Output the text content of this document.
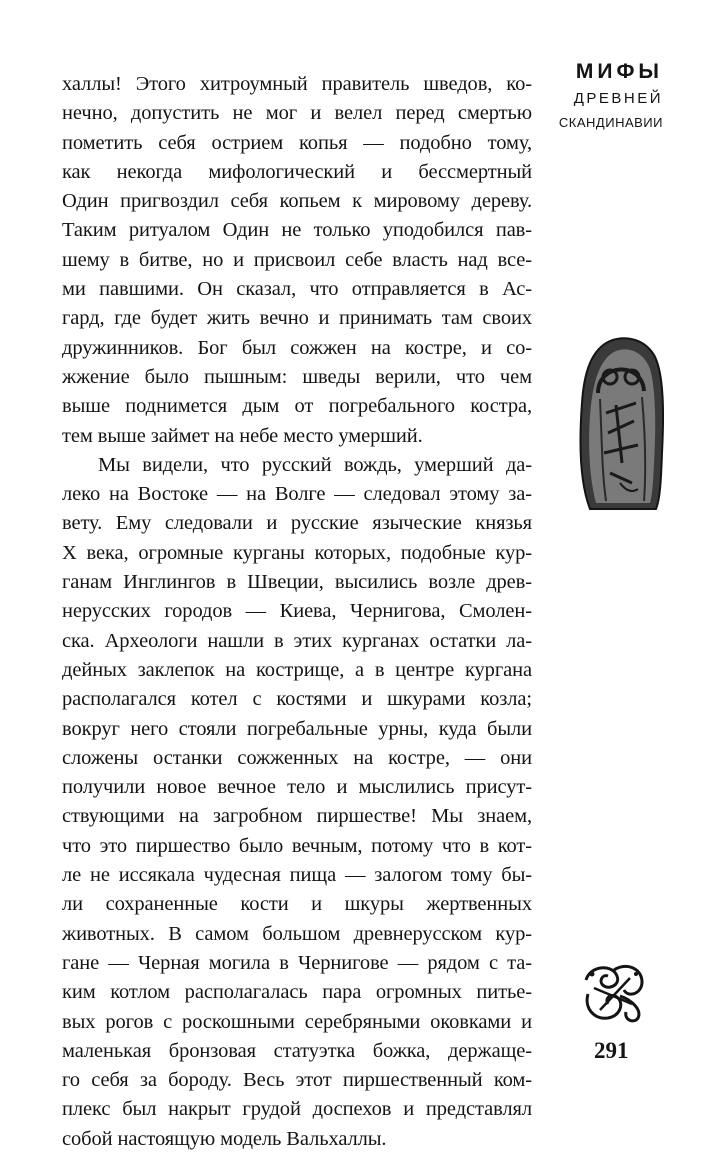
МИФЫ
ДРЕВНЕЙ
СКАНДИНАВИИ
халлы! Этого хитроумный правитель шведов, ко-
нечно, допустить не мог и велел перед смертью
пометить себя острием копья — подобно тому,
как некогда мифологический и бессмертный
Один пригвоздил себя копьем к мировому дереву.
Таким ритуалом Один не только уподобился пав-
шему в битве, но и присвоил себе власть над все-
ми павшими. Он сказал, что отправляется в Ас-
гард, где будет жить вечно и принимать там своих
дружинников. Бог был сожжен на костре, и со-
жжение было пышным: шведы верили, что чем
выше поднимется дым от погребального костра,
тем выше займет на небе место умерший.
Мы видели, что русский вождь, умерший да-
леко на Востоке — на Волге — следовал этому за-
вету. Ему следовали и русские языческие князья
X века, огромные курганы которых, подобные кур-
ганам Инглингов в Швеции, высились возле древ-
нерусских городов — Киева, Чернигова, Смолен-
ска. Археологи нашли в этих курганах остатки ла-
дейных заклепок на кострище, а в центре кургана
располагался котел с костями и шкурами козла;
вокруг него стояли погребальные урны, куда были
сложены останки сожженных на костре, — они
получили новое вечное тело и мыслились присут-
ствующими на загробном пиршестве! Мы знаем,
что это пиршество было вечным, потому что в кот-
ле не иссякала чудесная пища — залогом тому бы-
ли сохраненные кости и шкуры жертвенных
животных. В самом большом древнерусском кур-
гане — Черная могила в Чернигове — рядом с та-
ким котлом располагалась пара огромных питье-
вых рогов с роскошными серебряными оковками и
маленькая бронзовая статуэтка божка, держаще-
го себя за бороду. Весь этот пиршественный ком-
плекс был накрыт грудой доспехов и представлял
собой настоящую модель Вальхаллы.
291
